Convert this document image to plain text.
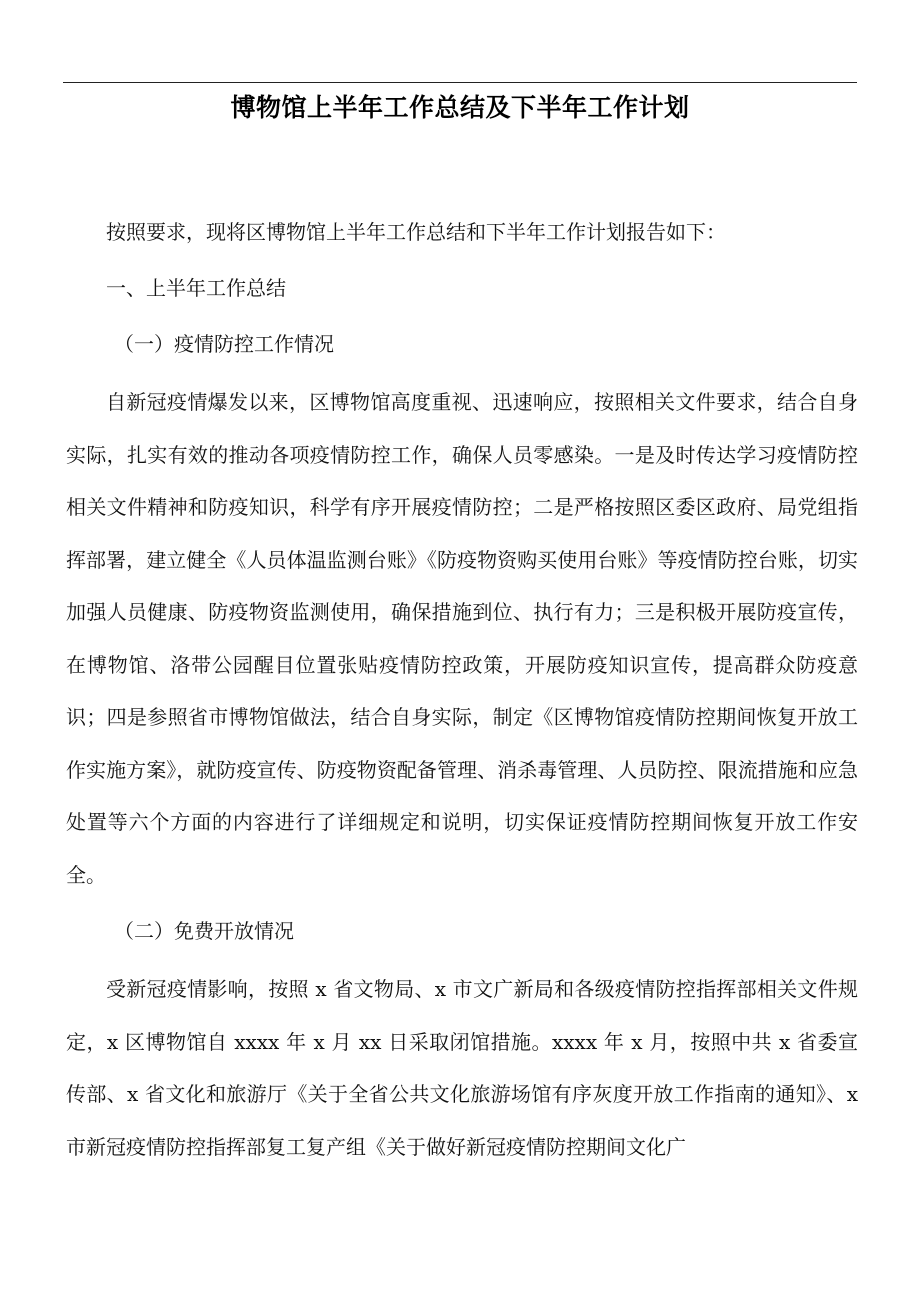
博物馆上半年工作总结及下半年工作计划

按照要求，现将区博物馆上半年工作总结和下半年工作计划报告如下：

一、上半年工作总结

（一）疫情防控工作情况

自新冠疫情爆发以来，区博物馆高度重视、迅速响应，按照相关文件要求，结合自身实际，扎实有效的推动各项疫情防控工作，确保人员零感染。一是及时传达学习疫情防控相关文件精神和防疫知识，科学有序开展疫情防控；二是严格按照区委区政府、局党组指挥部署，建立健全《人员体温监测台账》《防疫物资购买使用台账》等疫情防控台账，切实加强人员健康、防疫物资监测使用，确保措施到位、执行有力；三是积极开展防疫宣传，在博物馆、洛带公园醒目位置张贴疫情防控政策，开展防疫知识宣传，提高群众防疫意识；四是参照省市博物馆做法，结合自身实际，制定《区博物馆疫情防控期间恢复开放工作实施方案》，就防疫宣传、防疫物资配备管理、消杀毒管理、人员防控、限流措施和应急处置等六个方面的内容进行了详细规定和说明，切实保证疫情防控期间恢复开放工作安全。

（二）免费开放情况

受新冠疫情影响，按照 x 省文物局、x 市文广新局和各级疫情防控指挥部相关文件规定，x 区博物馆自 xxxx 年 x 月 xx 日采取闭馆措施。xxxx 年 x 月，按照中共 x 省委宣传部、x 省文化和旅游厅《关于全省公共文化旅游场馆有序灰度开放工作指南的通知》、x 市新冠疫情防控指挥部复工复产组《关于做好新冠疫情防控期间文化广
